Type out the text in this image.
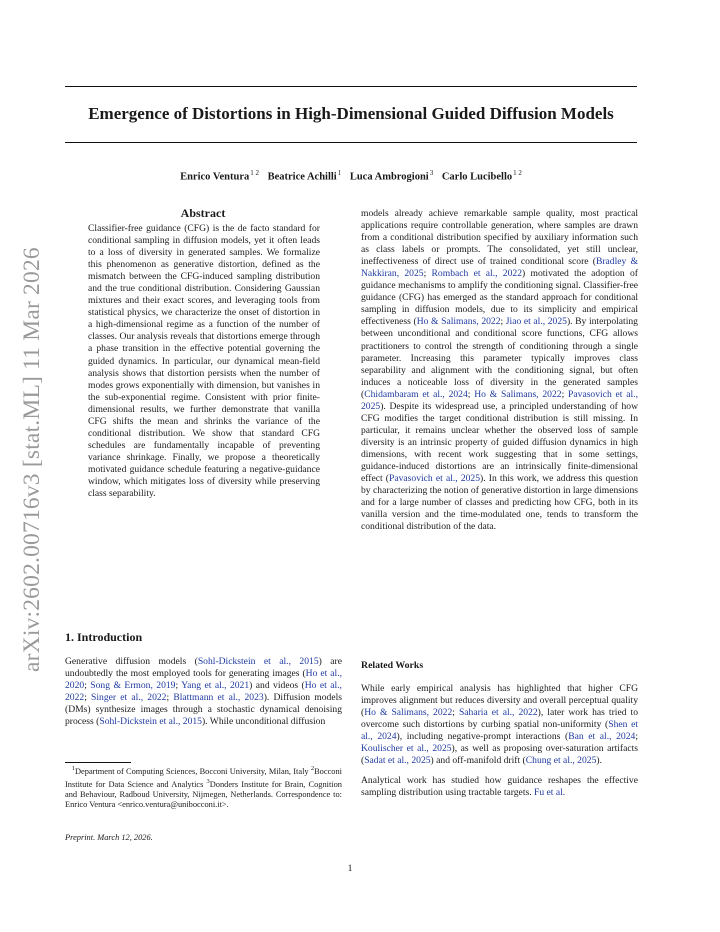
arXiv:2602.00716v3 [stat.ML] 11 Mar 2026
Emergence of Distortions in High-Dimensional Guided Diffusion Models
Enrico Ventura$^{1 2}$ Beatrice Achilli$^1$ Luca Ambrogioni$^3$ Carlo Lucibello$^{1 2}$
Abstract
Classifier-free guidance (CFG) is the de facto standard for conditional sampling in diffusion models, yet it often leads to a loss of diversity in generated samples. We formalize this phenomenon as generative distortion, defined as the mismatch between the CFG-induced sampling distribution and the true conditional distribution. Considering Gaussian mixtures and their exact scores, and leveraging tools from statistical physics, we characterize the onset of distortion in a high-dimensional regime as a function of the number of classes. Our analysis reveals that distortions emerge through a phase transition in the effective potential governing the guided dynamics. In particular, our dynamical mean-field analysis shows that distortion persists when the number of modes grows exponentially with dimension, but vanishes in the sub-exponential regime. Consistent with prior finite-dimensional results, we further demonstrate that vanilla CFG shifts the mean and shrinks the variance of the conditional distribution. We show that standard CFG schedules are fundamentally incapable of preventing variance shrinkage. Finally, we propose a theoretically motivated guidance schedule featuring a negative-guidance window, which mitigates loss of diversity while preserving class separability.
1. Introduction
Generative diffusion models (Sohl-Dickstein et al., 2015) are undoubtedly the most employed tools for generating images (Ho et al., 2020; Song & Ermon, 2019; Yang et al., 2021) and videos (Ho et al., 2022; Singer et al., 2022; Blattmann et al., 2023). Diffusion models (DMs) synthesize images through a stochastic dynamical denoising process (Sohl-Dickstein et al., 2015). While unconditional diffusion
$^1$Department of Computing Sciences, Bocconi University, Milan, Italy $^2$Bocconi Institute for Data Science and Analytics $^3$Donders Institute for Brain, Cognition and Behaviour, Radboud University, Nijmegen, Netherlands. Correspondence to: Enrico Ventura <enrico.ventura@unibocconi.it>.
Preprint. March 12, 2026.

models already achieve remarkable sample quality, most practical applications require controllable generation, where samples are drawn from a conditional distribution specified by auxiliary information such as class labels or prompts. The consolidated, yet still unclear, ineffectiveness of direct use of trained conditional score (Bradley & Nakkiran, 2025; Rombach et al., 2022) motivated the adoption of guidance mechanisms to amplify the conditioning signal. Classifier-free guidance (CFG) has emerged as the standard approach for conditional sampling in diffusion models, due to its simplicity and empirical effectiveness (Ho & Salimans, 2022; Jiao et al., 2025). By interpolating between unconditional and conditional score functions, CFG allows practitioners to control the strength of conditioning through a single parameter. Increasing this parameter typically improves class separability and alignment with the conditioning signal, but often induces a noticeable loss of diversity in the generated samples (Chidambaram et al., 2024; Ho & Salimans, 2022; Pavasovich et al., 2025). Despite its widespread use, a principled understanding of how CFG modifies the target conditional distribution is still missing. In particular, it remains unclear whether the observed loss of sample diversity is an intrinsic property of guided diffusion dynamics in high dimensions, with recent work suggesting that in some settings, guidance-induced distortions are an intrinsically finite-dimensional effect (Pavasovich et al., 2025). In this work, we address this question by characterizing the notion of generative distortion in large dimensions and for a large number of classes and predicting how CFG, both in its vanilla version and the time-modulated one, tends to transform the conditional distribution of the data.

Related Works

While early empirical analysis has highlighted that higher CFG improves alignment but reduces diversity and overall perceptual quality (Ho & Salimans, 2022; Saharia et al., 2022), later work has tried to overcome such distortions by curbing spatial non-uniformity (Shen et al., 2024), including negative-prompt interactions (Ban et al., 2024; Koulischer et al., 2025), as well as proposing over-saturation artifacts (Sadat et al., 2025) and off-manifold drift (Chung et al., 2025).

Analytical work has studied how guidance reshapes the effective sampling distribution using tractable targets. Fu et al.

1
